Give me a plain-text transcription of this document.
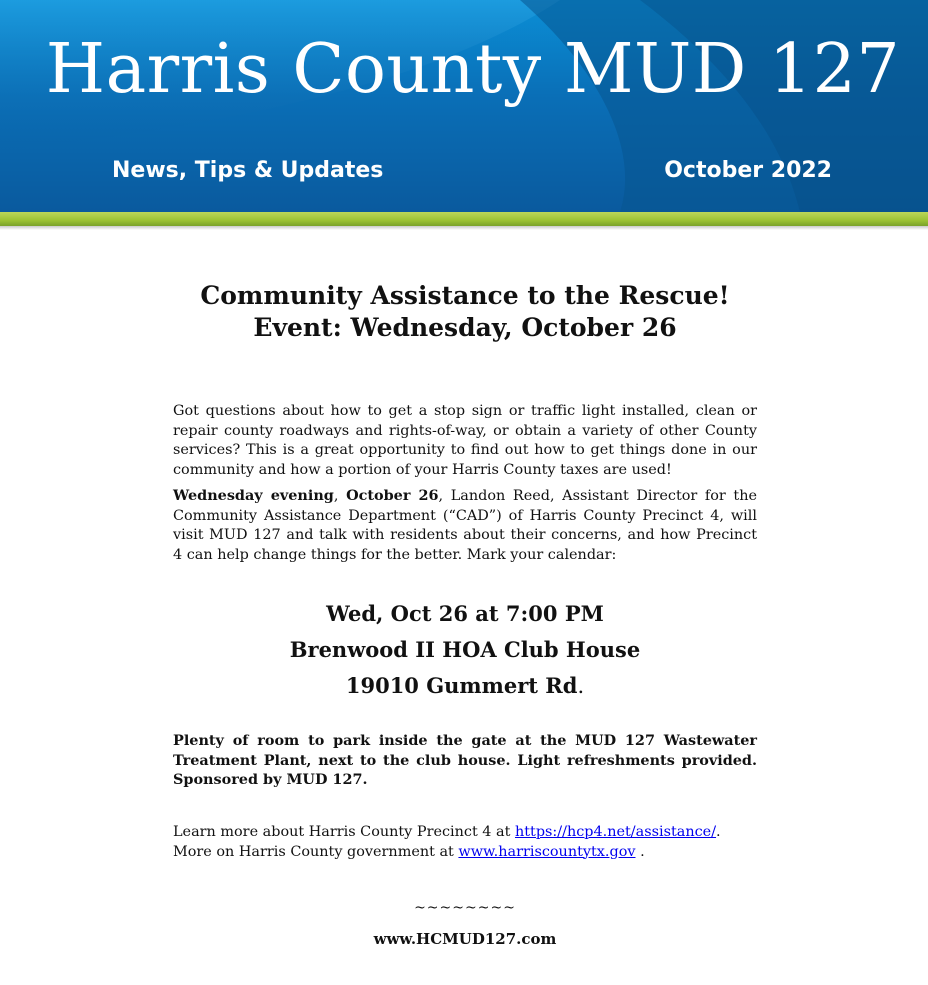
Harris County MUD 127
News, Tips & Updates	October 2022
Community Assistance to the Rescue!
Event: Wednesday, October 26

Got questions about how to get a stop sign or traffic light installed, clean or repair county roadways and rights-of-way, or obtain a variety of other County services? This is a great opportunity to find out how to get things done in our community and how a portion of your Harris County taxes are used!

Wednesday evening, October 26, Landon Reed, Assistant Director for the Community Assistance Department (“CAD”) of Harris County Precinct 4, will visit MUD 127 and talk with residents about their concerns, and how Precinct 4 can help change things for the better. Mark your calendar:

Wed, Oct 26 at 7:00 PM
Brenwood II HOA Club House
19010 Gummert Rd.

Plenty of room to park inside the gate at the MUD 127 Wastewater Treatment Plant, next to the club house. Light refreshments provided. Sponsored by MUD 127.

Learn more about Harris County Precinct 4 at https://hcp4.net/assistance/. More on Harris County government at www.harriscountytx.gov .

~~~~~~~~
www.HCMUD127.com
